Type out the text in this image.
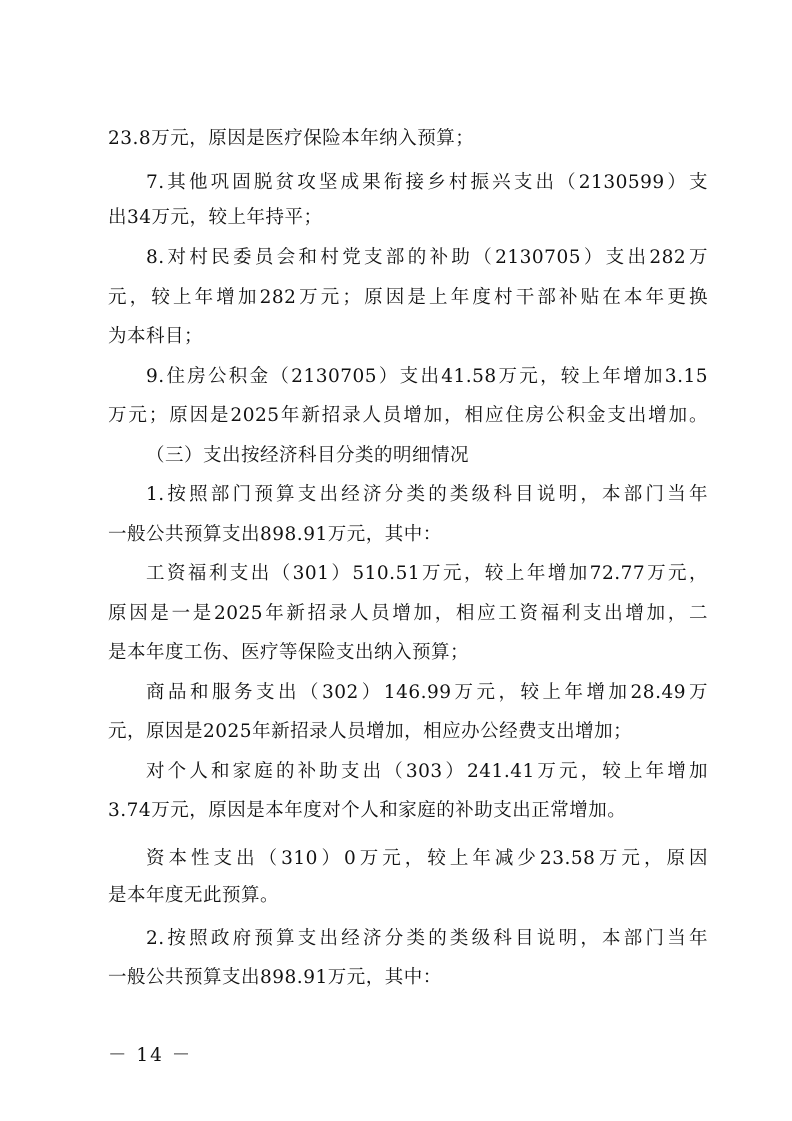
23.8万元，原因是医疗保险本年纳入预算；
7.其他巩固脱贫攻坚成果衔接乡村振兴支出（2130599）支
出34万元，较上年持平；
8.对村民委员会和村党支部的补助（2130705）支出282万
元，较上年增加282万元；原因是上年度村干部补贴在本年更换
为本科目；
9.住房公积金（2130705）支出41.58万元，较上年增加3.15
万元；原因是2025年新招录人员增加，相应住房公积金支出增加。
（三）支出按经济科目分类的明细情况
1.按照部门预算支出经济分类的类级科目说明，本部门当年
一般公共预算支出898.91万元，其中：
工资福利支出（301）510.51万元，较上年增加72.77万元，
原因是一是2025年新招录人员增加，相应工资福利支出增加，二
是本年度工伤、医疗等保险支出纳入预算；
商品和服务支出（302）146.99万元，较上年增加28.49万
元，原因是2025年新招录人员增加，相应办公经费支出增加；
对个人和家庭的补助支出（303）241.41万元，较上年增加
3.74万元，原因是本年度对个人和家庭的补助支出正常增加。
资本性支出（310）0万元，较上年减少23.58万元，原因
是本年度无此预算。
2.按照政府预算支出经济分类的类级科目说明，本部门当年
一般公共预算支出898.91万元，其中：
－ 14 －
